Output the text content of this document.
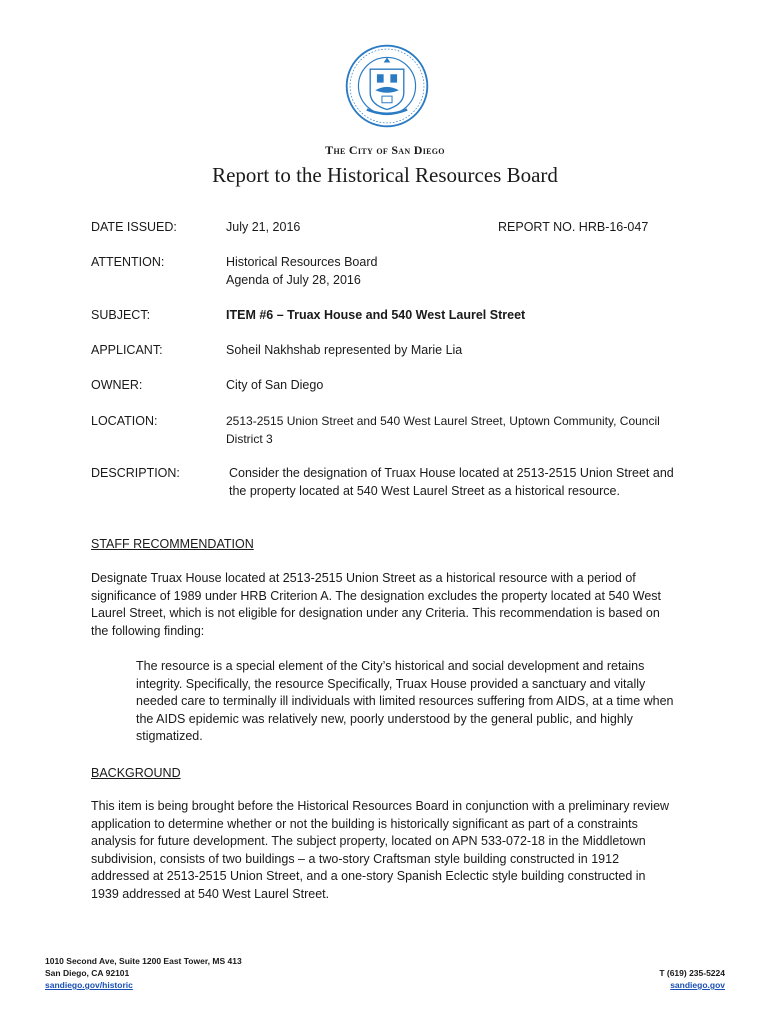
The City of San Diego
Report to the Historical Resources Board
DATE ISSUED:	July 21, 2016	REPORT NO. HRB-16-047
ATTENTION:	Historical Resources Board
Agenda of July 28, 2016
SUBJECT:	ITEM #6 – Truax House and 540 West Laurel Street
APPLICANT:	Soheil Nakhshab represented by Marie Lia
OWNER:	City of San Diego
LOCATION:	2513-2515 Union Street and 540 West Laurel Street, Uptown Community, Council District 3
DESCRIPTION:	Consider the designation of Truax House located at 2513-2515 Union Street and the property located at 540 West Laurel Street as a historical resource.
STAFF RECOMMENDATION
Designate Truax House located at 2513-2515 Union Street as a historical resource with a period of significance of 1989 under HRB Criterion A. The designation excludes the property located at 540 West Laurel Street, which is not eligible for designation under any Criteria. This recommendation is based on the following finding:
The resource is a special element of the City’s historical and social development and retains integrity. Specifically, the resource Specifically, Truax House provided a sanctuary and vitally needed care to terminally ill individuals with limited resources suffering from AIDS, at a time when the AIDS epidemic was relatively new, poorly understood by the general public, and highly stigmatized.
BACKGROUND
This item is being brought before the Historical Resources Board in conjunction with a preliminary review application to determine whether or not the building is historically significant as part of a constraints analysis for future development. The subject property, located on APN 533-072-18 in the Middletown subdivision, consists of two buildings – a two-story Craftsman style building constructed in 1912 addressed at 2513-2515 Union Street, and a one-story Spanish Eclectic style building constructed in 1939 addressed at 540 West Laurel Street.
1010 Second Ave, Suite 1200 East Tower, MS 413
San Diego, CA 92101
sandiego.gov/historic
T (619) 235-5224
sandiego.gov
